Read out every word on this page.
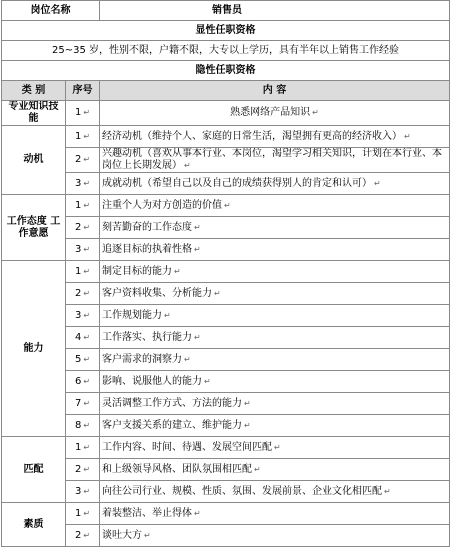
岗位名称		销售员
显性任职资格		
25~35 岁，性别不限，户籍不限，大专以上学历，具有半年以上销售工作经验		
隐性任职资格		
类 别	序号	内 容
专业知识技能	1 ↵	熟悉网络产品知识 ↵
动机	1 ↵	经济动机（维持个人、家庭的日常生活，渴望拥有更高的经济收入） ↵
	2 ↵	兴趣动机（喜欢从事本行业、本岗位，渴望学习相关知识，计划在本行业、本岗位上长期发展） ↵
	3 ↵	成就动机（希望自己以及自己的成绩获得别人的肯定和认可） ↵
工作态度 工作意愿	1 ↵	注重个人为对方创造的价值 ↵
	2 ↵	刻苦勤奋的工作态度 ↵
	3 ↵	追逐目标的执着性格 ↵
能力	1 ↵	制定目标的能力 ↵
	2 ↵	客户资料收集、分析能力 ↵
	3 ↵	工作规划能力 ↵
	4 ↵	工作落实、执行能力 ↵
	5 ↵	客户需求的洞察力 ↵
	6 ↵	影响、说服他人的能力 ↵
	7 ↵	灵活调整工作方式、方法的能力 ↵
	8 ↵	客户支援关系的建立、维护能力 ↵
匹配	1 ↵	工作内容、时间、待遇、发展空间匹配 ↵
	2 ↵	和上级领导风格、团队氛围相匹配 ↵
	3 ↵	向往公司行业、规模、性质、氛围、发展前景、企业文化相匹配 ↵
素质	1 ↵	着装整洁、举止得体 ↵
	2 ↵	谈吐大方 ↵
